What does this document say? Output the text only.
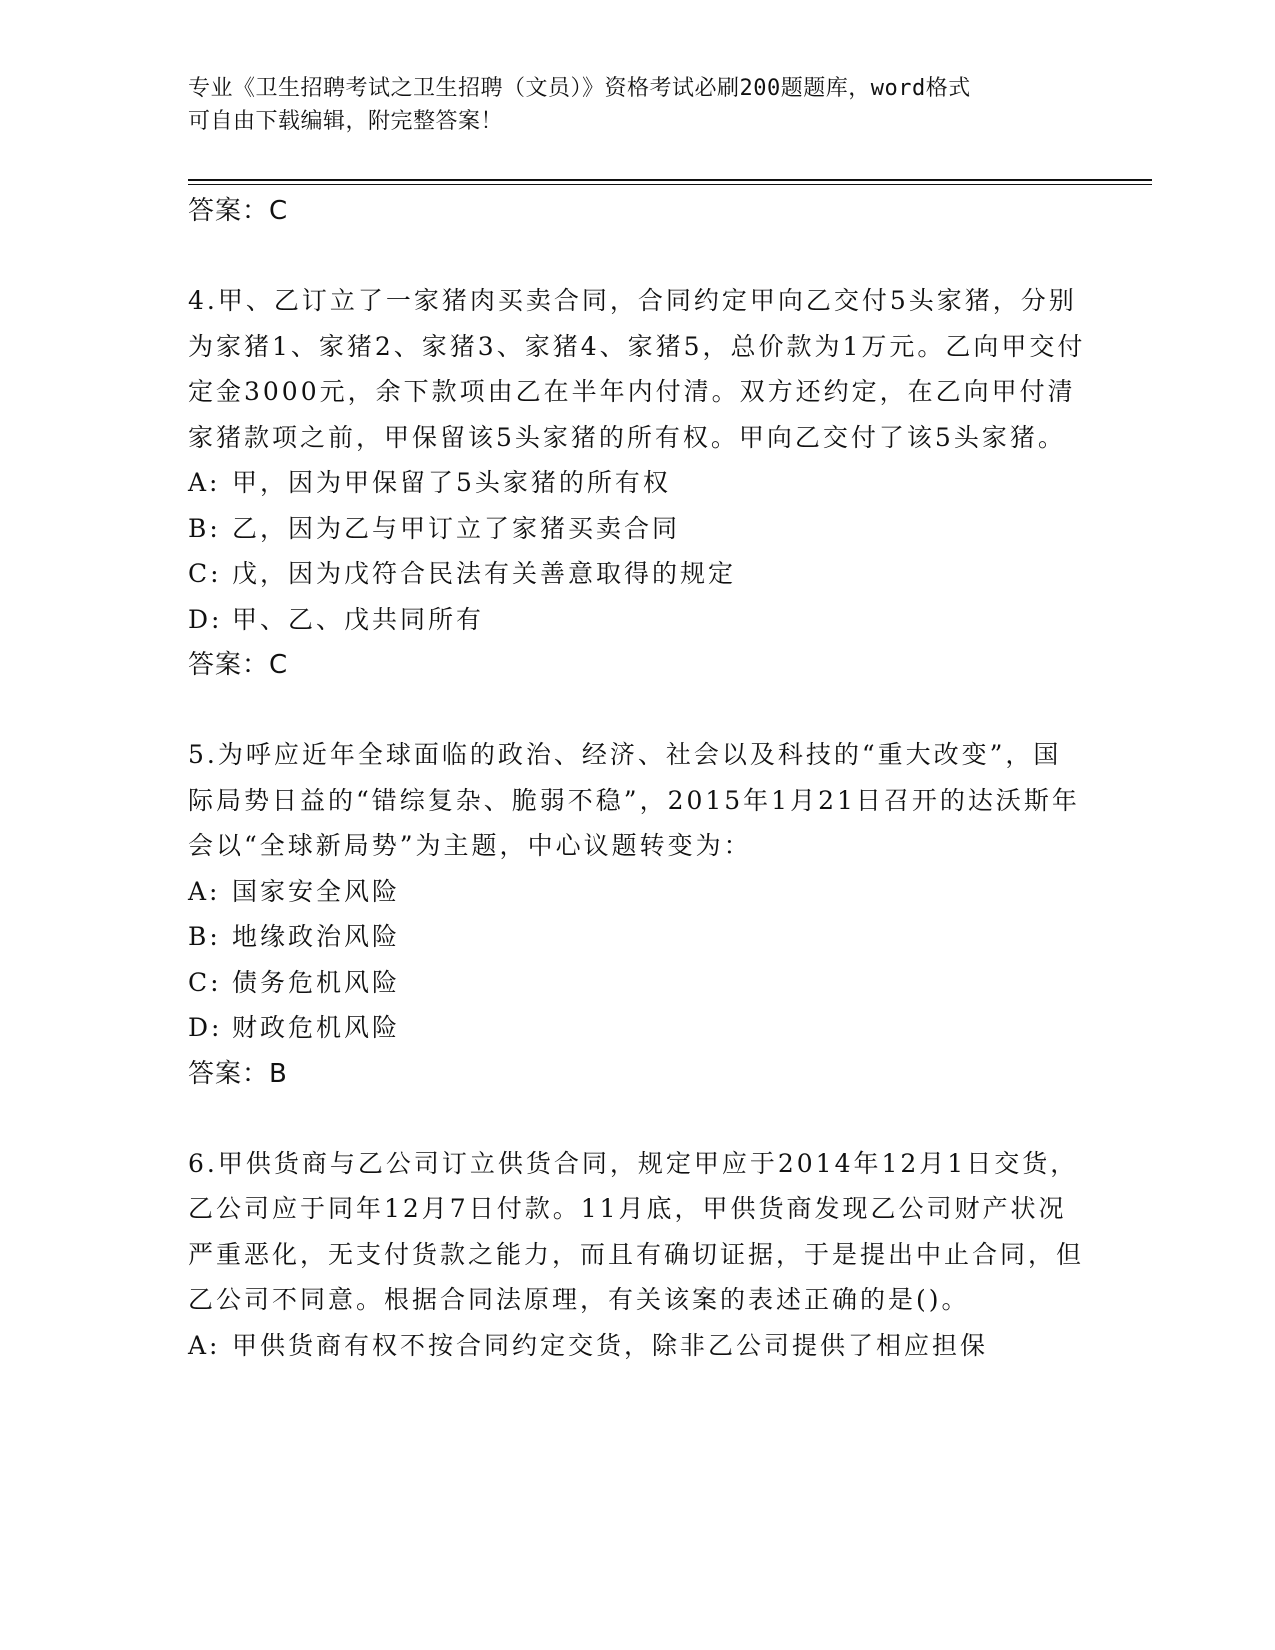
专业《卫生招聘考试之卫生招聘（文员）》资格考试必刷200题题库，word格式
可自由下载编辑，附完整答案！
答案：C
4.甲、乙订立了一家猪肉买卖合同，合同约定甲向乙交付5头家猪，分别为家猪1、家猪2、家猪3、家猪4、家猪5，总价款为1万元。乙向甲交付定金3000元，余下款项由乙在半年内付清。双方还约定，在乙向甲付清家猪款项之前，甲保留该5头家猪的所有权。甲向乙交付了该5头家猪。
A: 甲，因为甲保留了5头家猪的所有权
B: 乙，因为乙与甲订立了家猪买卖合同
C: 戊，因为戊符合民法有关善意取得的规定
D: 甲、乙、戊共同所有
答案：C
5.为呼应近年全球面临的政治、经济、社会以及科技的“重大改变”，国际局势日益的“错综复杂、脆弱不稳”，2015年1月21日召开的达沃斯年会以“全球新局势”为主题，中心议题转变为：
A: 国家安全风险
B: 地缘政治风险
C: 债务危机风险
D: 财政危机风险
答案：B
6.甲供货商与乙公司订立供货合同，规定甲应于2014年12月1日交货，乙公司应于同年12月7日付款。11月底，甲供货商发现乙公司财产状况严重恶化，无支付货款之能力，而且有确切证据，于是提出中止合同，但乙公司不同意。根据合同法原理，有关该案的表述正确的是()。
A: 甲供货商有权不按合同约定交货，除非乙公司提供了相应担保
